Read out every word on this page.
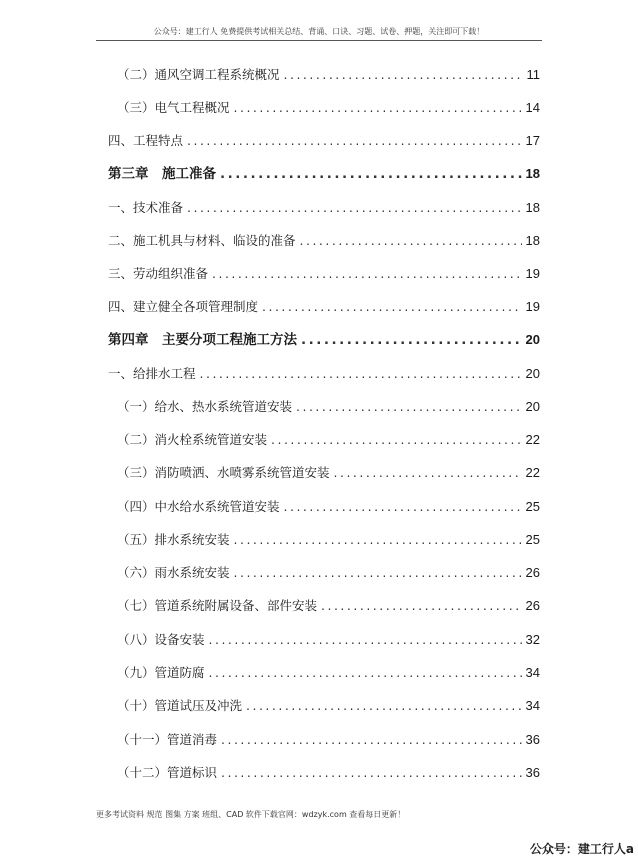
公众号：建工行人 免费提供考试相关总结、背诵、口诀、习题、试卷、押题，关注即可下载！
（二）通风空调工程系统概况 .....	11
（三）电气工程概况 .....	14
四、工程特点 .....	17
第三章　施工准备 .....	18
一、技术准备 .....	18
二、施工机具与材料、临设的准备 .....	18
三、劳动组织准备 .....	19
四、建立健全各项管理制度 .....	19
第四章　主要分项工程施工方法 .....	20
一、给排水工程 .....	20
（一）给水、热水系统管道安装 .....	20
（二）消火栓系统管道安装 .....	22
（三）消防喷洒、水喷雾系统管道安装 .....	22
（四）中水给水系统管道安装 .....	25
（五）排水系统安装 .....	25
（六）雨水系统安装 .....	26
（七）管道系统附属设备、部件安装 .....	26
（八）设备安装 .....	32
（九）管道防腐 .....	34
（十）管道试压及冲洗 .....	34
（十一）管道消毒 .....	36
（十二）管道标识 .....	36
更多考试资料 规范 图集 方案 班组、CAD 软件下载官网：wdzyk.com 查看每日更新！
公众号：建工行人a
